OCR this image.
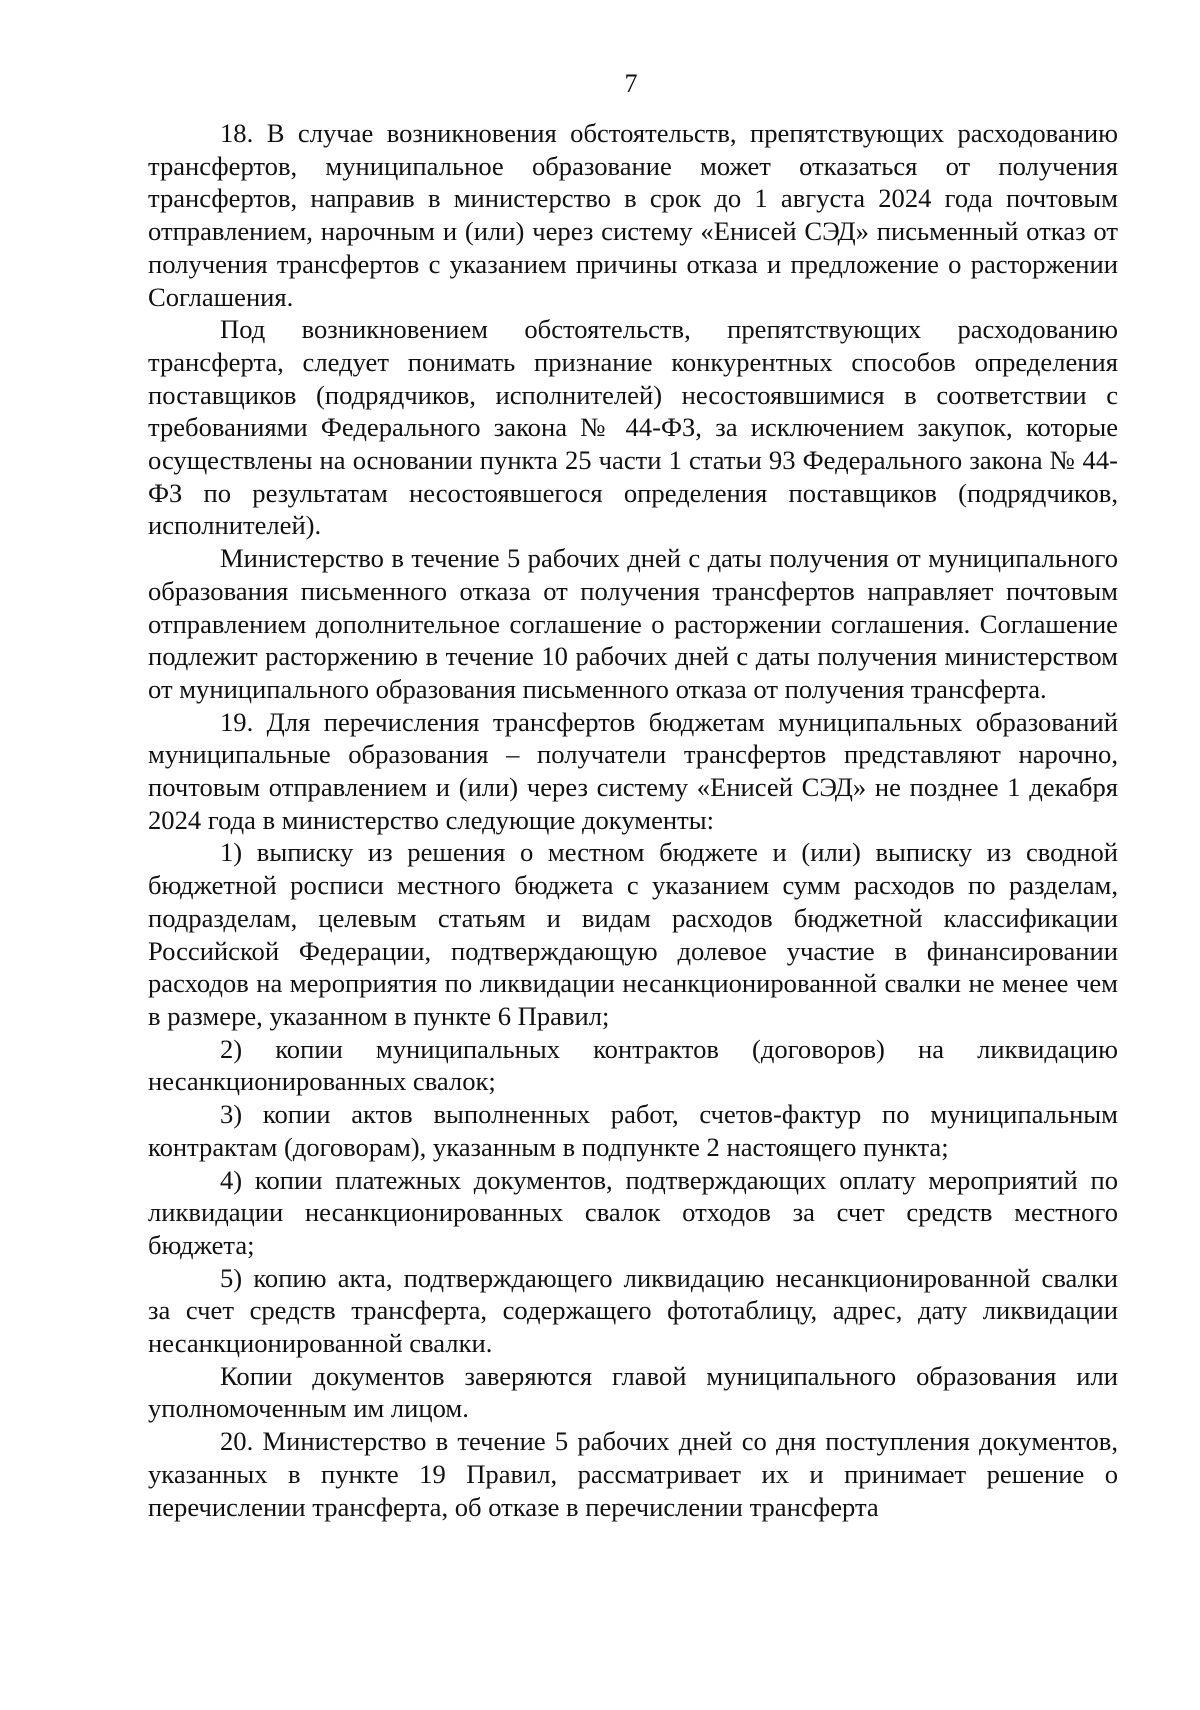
7

18. В случае возникновения обстоятельств, препятствующих расходованию трансфертов, муниципальное образование может отказаться от получения трансфертов, направив в министерство в срок до 1 августа 2024 года почтовым отправлением, нарочным и (или) через систему «Енисей СЭД» письменный отказ от получения трансфертов с указанием причины отказа и предложение о расторжении Соглашения.

Под возникновением обстоятельств, препятствующих расходованию трансферта, следует понимать признание конкурентных способов определения поставщиков (подрядчиков, исполнителей) несостоявшимися в соответствии с требованиями Федерального закона № 44-ФЗ, за исключением закупок, которые осуществлены на основании пункта 25 части 1 статьи 93 Федерального закона № 44-ФЗ по результатам несостоявшегося определения поставщиков (подрядчиков, исполнителей).

Министерство в течение 5 рабочих дней с даты получения от муниципального образования письменного отказа от получения трансфертов направляет почтовым отправлением дополнительное соглашение о расторжении соглашения. Соглашение подлежит расторжению в течение 10 рабочих дней с даты получения министерством от муниципального образования письменного отказа от получения трансферта.

19. Для перечисления трансфертов бюджетам муниципальных образований муниципальные образования – получатели трансфертов представляют нарочно, почтовым отправлением и (или) через систему «Енисей СЭД» не позднее 1 декабря 2024 года в министерство следующие документы:

1) выписку из решения о местном бюджете и (или) выписку из сводной бюджетной росписи местного бюджета с указанием сумм расходов по разделам, подразделам, целевым статьям и видам расходов бюджетной классификации Российской Федерации, подтверждающую долевое участие в финансировании расходов на мероприятия по ликвидации несанкционированной свалки не менее чем в размере, указанном в пункте 6 Правил;

2) копии муниципальных контрактов (договоров) на ликвидацию несанкционированных свалок;

3) копии актов выполненных работ, счетов-фактур по муниципальным контрактам (договорам), указанным в подпункте 2 настоящего пункта;

4) копии платежных документов, подтверждающих оплату мероприятий по ликвидации несанкционированных свалок отходов за счет средств местного бюджета;

5) копию акта, подтверждающего ликвидацию несанкционированной свалки за счет средств трансферта, содержащего фототаблицу, адрес, дату ликвидации несанкционированной свалки.

Копии документов заверяются главой муниципального образования или уполномоченным им лицом.

20. Министерство в течение 5 рабочих дней со дня поступления документов, указанных в пункте 19 Правил, рассматривает их и принимает решение о перечислении трансферта, об отказе в перечислении трансферта
